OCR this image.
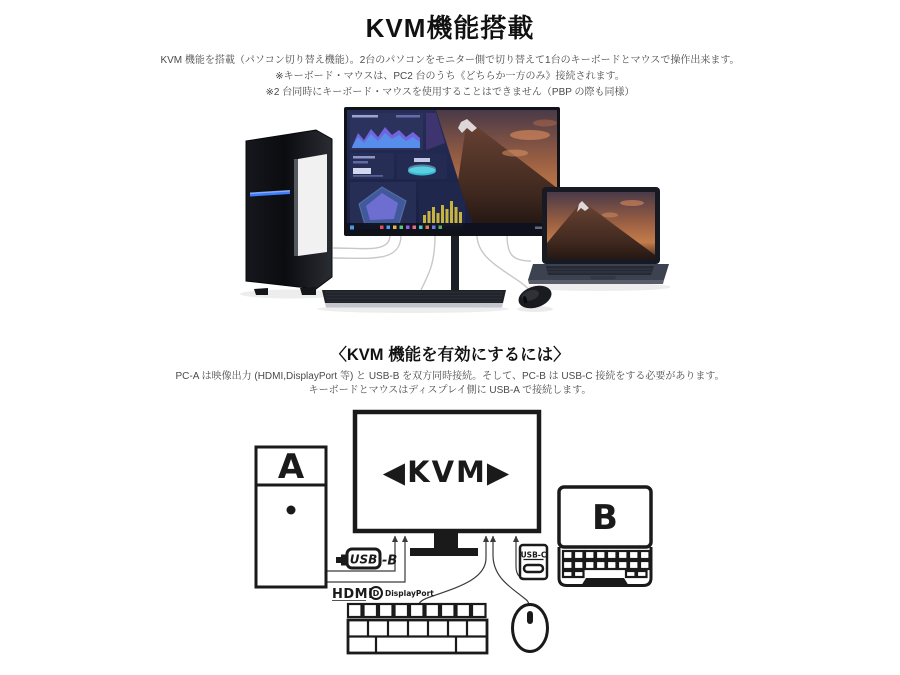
KVM機能搭載

KVM 機能を搭載（パソコン切り替え機能）。2台のパソコンをモニター側で切り替えて1台のキーボードとマウスで操作出来ます。

※キーボード・マウスは、PC2 台のうち《どちらか一方のみ》接続されます。

※2 台同時にキーボード・マウスを使用することはできません（PBP の際も同様）

〈KVM 機能を有効にするには〉

PC-A は映像出力 (HDMI,DisplayPort 等) と USB-B を双方同時接続。そして、PC-B は USB-C 接続をする必要があります。

キーボードとマウスはディスプレイ側に USB-A で接続します。

A	◀KVM▶
B
USB -B	USB-C
HDMI D DisplayPort
